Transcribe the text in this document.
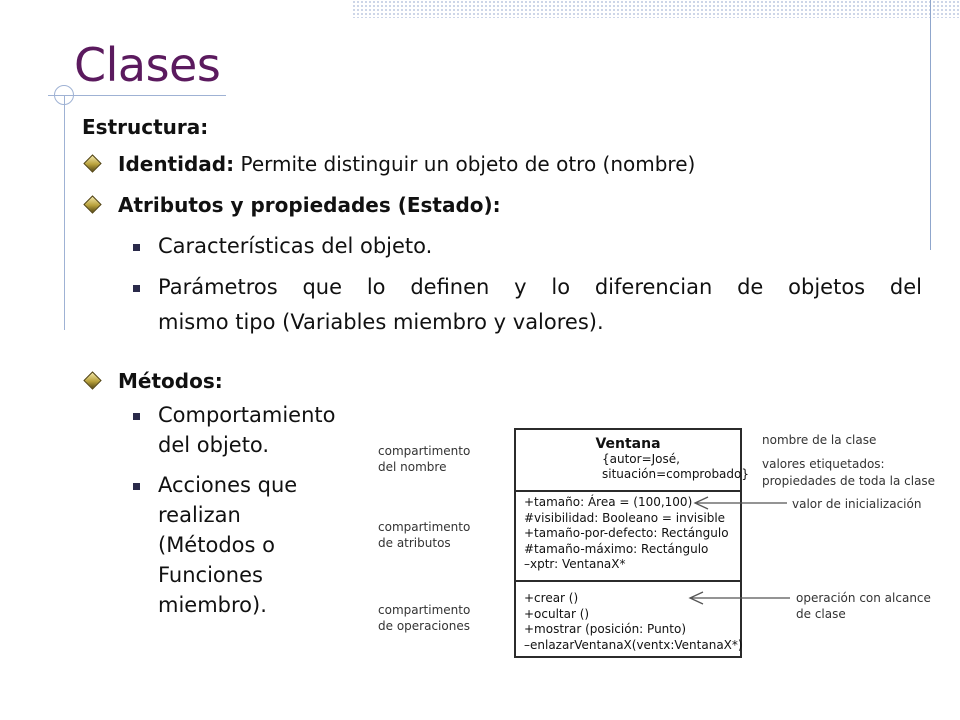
Clases
Estructura:
Identidad: Permite distinguir un objeto de otro (nombre)
Atributos y propiedades (Estado):
Características del objeto.
Parámetros que lo definen y lo diferencian de objetos del
mismo tipo (Variables miembro y valores).
Métodos:
Comportamiento
del objeto.
Acciones que
realizan
(Métodos o
Funciones
miembro).
compartimento
del nombre
compartimento
de atributos
compartimento
de operaciones
Ventana
{autor=José,
situación=comprobado}
+tamaño: Área = (100,100)
#visibilidad: Booleano = invisible
+tamaño-por-defecto: Rectángulo
#tamaño-máximo: Rectángulo
–xptr: VentanaX*
+crear ()
+ocultar ()
+mostrar (posición: Punto)
–enlazarVentanaX(ventx:VentanaX*)
nombre de la clase
valores etiquetados:
propiedades de toda la clase
valor de inicialización
operación con alcance
de clase
